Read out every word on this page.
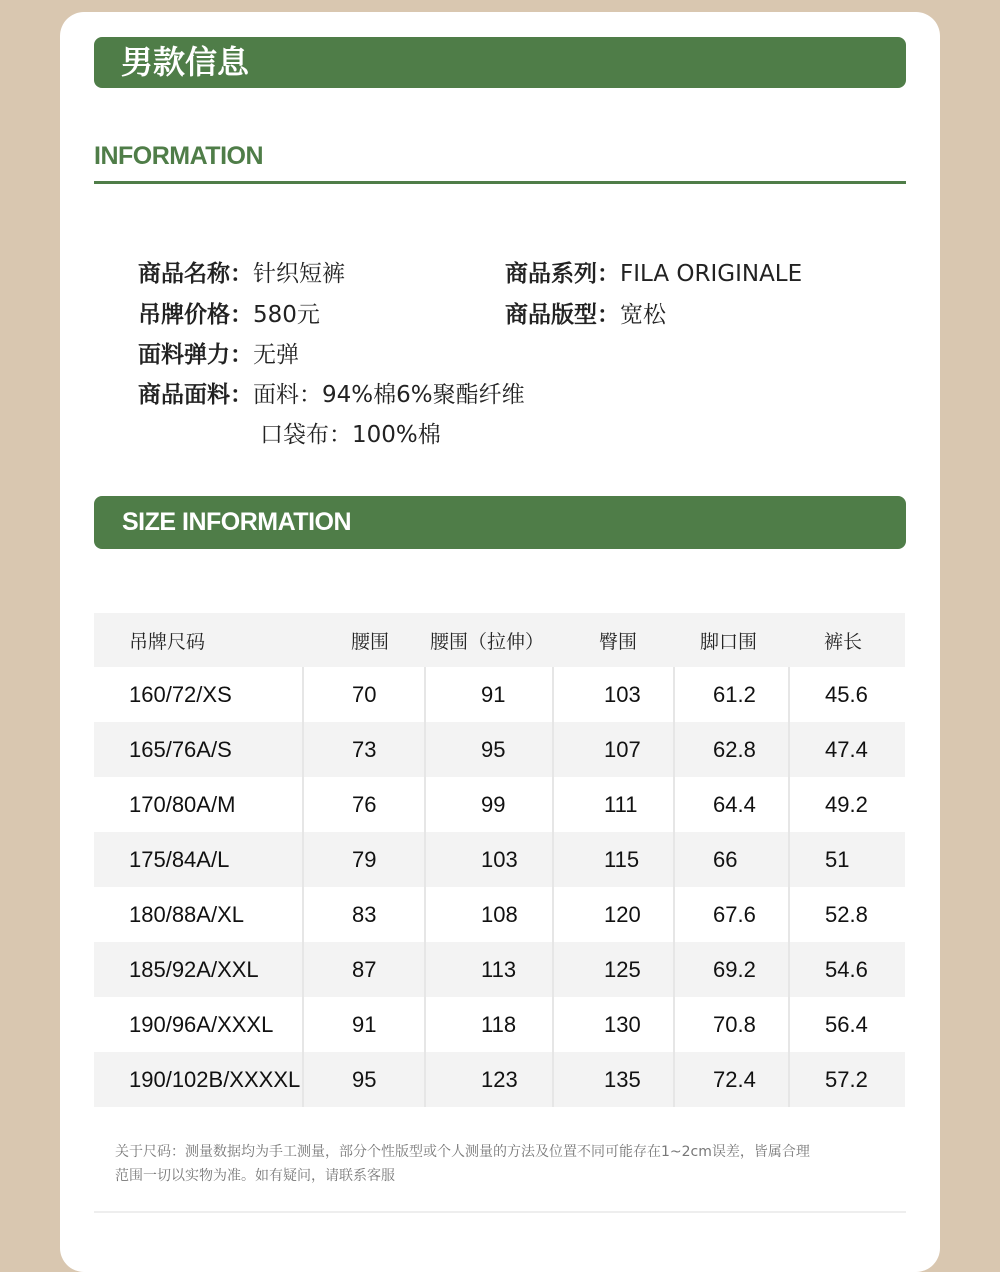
男款信息
INFORMATION
商品名称：针织短裤	商品系列：FILA ORIGINALE
吊牌价格：580元	商品版型：宽松
面料弹力：无弹
商品面料：面料：94%棉6%聚酯纤维
口袋布：100%棉
SIZE INFORMATION
吊牌尺码	腰围	腰围（拉伸）	臀围	脚口围	裤长
160/72/XS	70	91	103	61.2	45.6
165/76A/S	73	95	107	62.8	47.4
170/80A/M	76	99	111	64.4	49.2
175/84A/L	79	103	115	66	51
180/88A/XL	83	108	120	67.6	52.8
185/92A/XXL	87	113	125	69.2	54.6
190/96A/XXXL	91	118	130	70.8	56.4
190/102B/XXXXL	95	123	135	72.4	57.2
关于尺码：测量数据均为手工测量，部分个性版型或个人测量的方法及位置不同可能存在1~2cm误差，皆属合理
范围一切以实物为准。如有疑问，请联系客服
